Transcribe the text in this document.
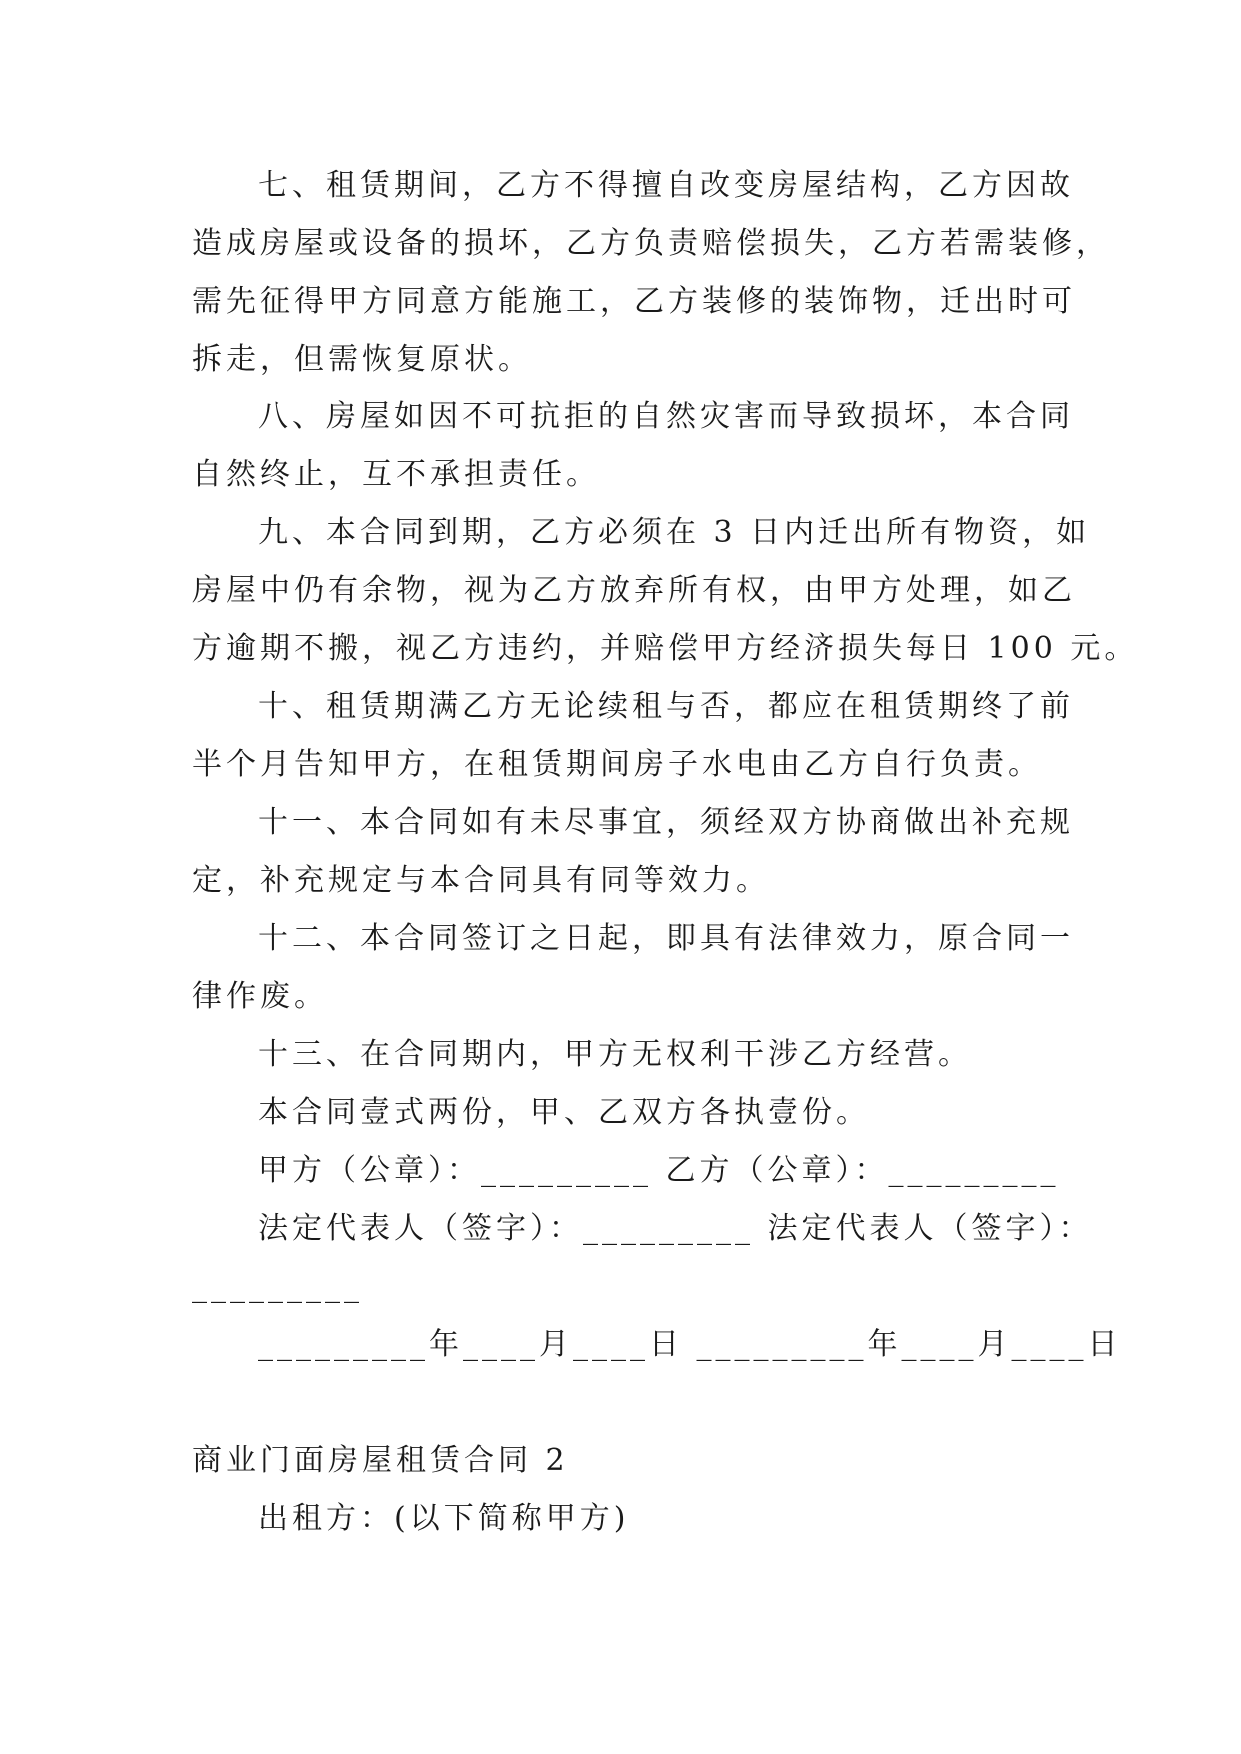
七、租赁期间，乙方不得擅自改变房屋结构，乙方因故
造成房屋或设备的损坏，乙方负责赔偿损失，乙方若需装修，
需先征得甲方同意方能施工，乙方装修的装饰物，迁出时可
拆走，但需恢复原状。
八、房屋如因不可抗拒的自然灾害而导致损坏，本合同
自然终止，互不承担责任。
九、本合同到期，乙方必须在 3 日内迁出所有物资，如
房屋中仍有余物，视为乙方放弃所有权，由甲方处理，如乙
方逾期不搬，视乙方违约，并赔偿甲方经济损失每日 100 元。
十、租赁期满乙方无论续租与否，都应在租赁期终了前
半个月告知甲方，在租赁期间房子水电由乙方自行负责。
十一、本合同如有未尽事宜，须经双方协商做出补充规
定，补充规定与本合同具有同等效力。
十二、本合同签订之日起，即具有法律效力，原合同一
律作废。
十三、在合同期内，甲方无权利干涉乙方经营。
本合同壹式两份，甲、乙双方各执壹份。
甲方（公章）：_________ 乙方（公章）：_________
法定代表人（签字）：_________ 法定代表人（签字）：
_________
_________年____月____日 _________年____月____日
商业门面房屋租赁合同 2
出租方：(以下简称甲方)
